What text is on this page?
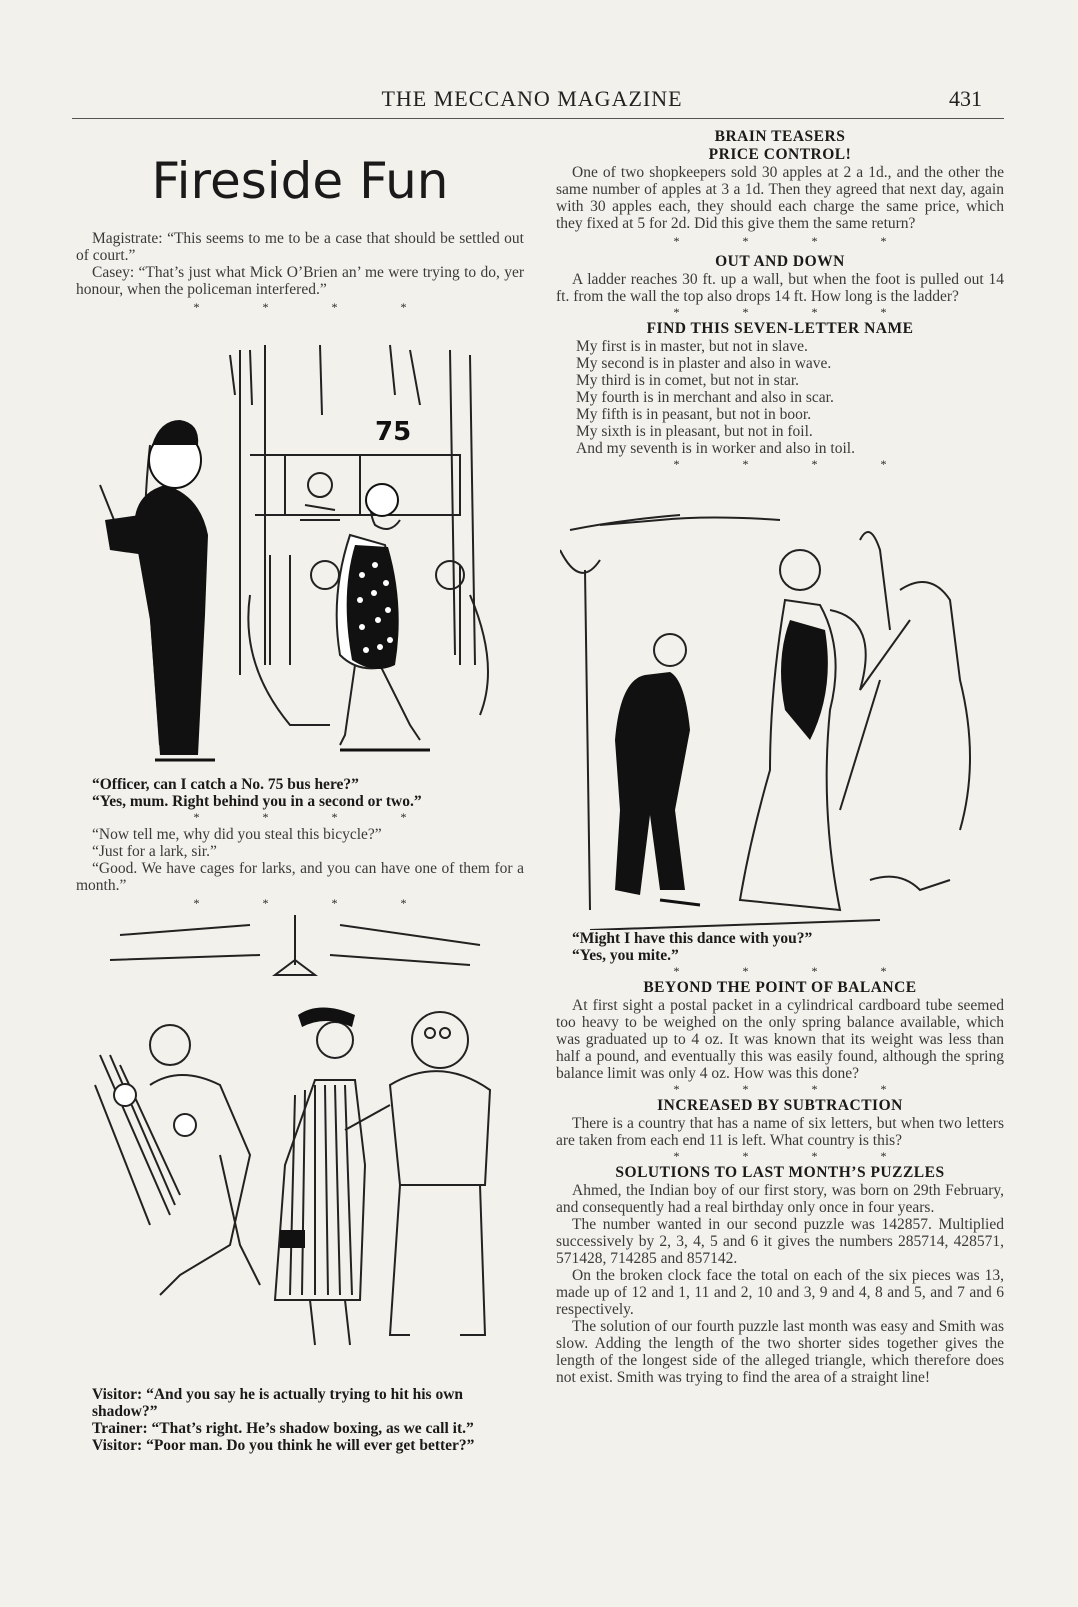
THE MECCANO MAGAZINE	431
Fireside Fun

Magistrate: “This seems to me to be a case that should be settled out of court.”

Casey: “That’s just what Mick O’Brien an’ me were trying to do, yer honour, when the policeman interfered.”

* * * *
75

“Officer, can I catch a No. 75 bus here?”

“Yes, mum. Right behind you in a second or two.”

* * * *

“Now tell me, why did you steal this bicycle?”

“Just for a lark, sir.”

“Good. We have cages for larks, and you can have one of them for a month.”

* * * *

Visitor: “And you say he is actually trying to hit his own shadow?”

Trainer: “That’s right. He’s shadow boxing, as we call it.”

Visitor: “Poor man. Do you think he will ever get better?”

BRAIN TEASERS

PRICE CONTROL!

One of two shopkeepers sold 30 apples at 2 a 1d., and the other the same number of apples at 3 a 1d. Then they agreed that next day, again with 30 apples each, they should each charge the same price, which they fixed at 5 for 2d. Did this give them the same return?

* * * *

OUT AND DOWN

A ladder reaches 30 ft. up a wall, but when the foot is pulled out 14 ft. from the wall the top also drops 14 ft. How long is the ladder?

* * * *

FIND THIS SEVEN-LETTER NAME

My first is in master, but not in slave.

My second is in plaster and also in wave.

My third is in comet, but not in star.

My fourth is in merchant and also in scar.

My fifth is in peasant, but not in boor.

My sixth is in pleasant, but not in foil.

And my seventh is in worker and also in toil.

* * * *

“Might I have this dance with you?”

“Yes, you mite.”

* * * *

BEYOND THE POINT OF BALANCE

At first sight a postal packet in a cylindrical cardboard tube seemed too heavy to be weighed on the only spring balance available, which was graduated up to 4 oz. It was known that its weight was less than half a pound, and eventually this was easily found, although the spring balance limit was only 4 oz. How was this done?

* * * *

INCREASED BY SUBTRACTION

There is a country that has a name of six letters, but when two letters are taken from each end 11 is left. What country is this?

* * * *

SOLUTIONS TO LAST MONTH’S PUZZLES

Ahmed, the Indian boy of our first story, was born on 29th February, and consequently had a real birthday only once in four years.

The number wanted in our second puzzle was 142857. Multiplied successively by 2, 3, 4, 5 and 6 it gives the numbers 285714, 428571, 571428, 714285 and 857142.

On the broken clock face the total on each of the six pieces was 13, made up of 12 and 1, 11 and 2, 10 and 3, 9 and 4, 8 and 5, and 7 and 6 respectively.

The solution of our fourth puzzle last month was easy and Smith was slow. Adding the length of the two shorter sides together gives the length of the longest side of the alleged triangle, which therefore does not exist. Smith was trying to find the area of a straight line!
